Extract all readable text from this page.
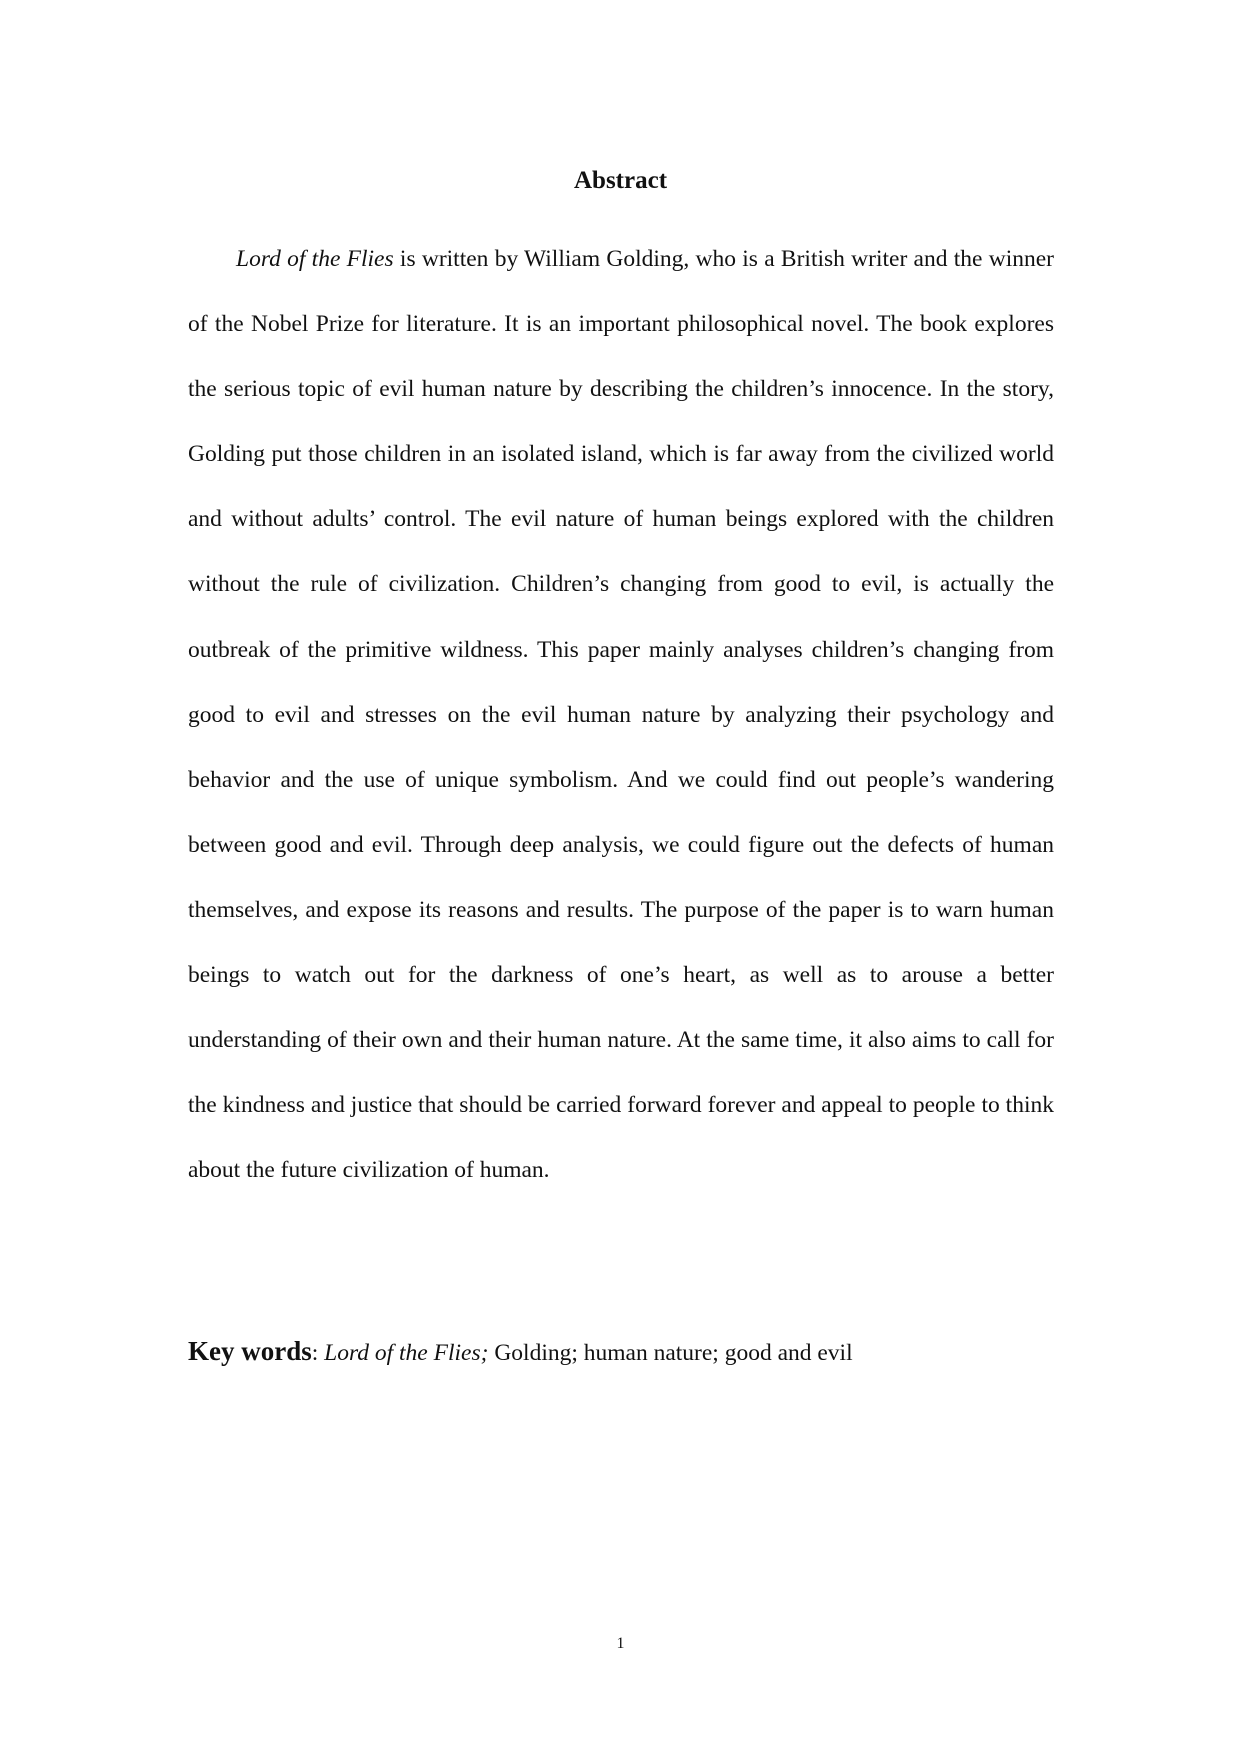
Abstract

Lord of the Flies is written by William Golding, who is a British writer and the winner of the Nobel Prize for literature. It is an important philosophical novel. The book explores the serious topic of evil human nature by describing the children’s innocence. In the story, Golding put those children in an isolated island, which is far away from the civilized world and without adults’ control. The evil nature of human beings explored with the children without the rule of civilization. Children’s changing from good to evil, is actually the outbreak of the primitive wildness. This paper mainly analyses children’s changing from good to evil and stresses on the evil human nature by analyzing their psychology and behavior and the use of unique symbolism. And we could find out people’s wandering between good and evil. Through deep analysis, we could figure out the defects of human themselves, and expose its reasons and results. The purpose of the paper is to warn human beings to watch out for the darkness of one’s heart, as well as to arouse a better understanding of their own and their human nature. At the same time, it also aims to call for the kindness and justice that should be carried forward forever and appeal to people to think about the future civilization of human.

Key words: Lord of the Flies; Golding; human nature; good and evil

1
